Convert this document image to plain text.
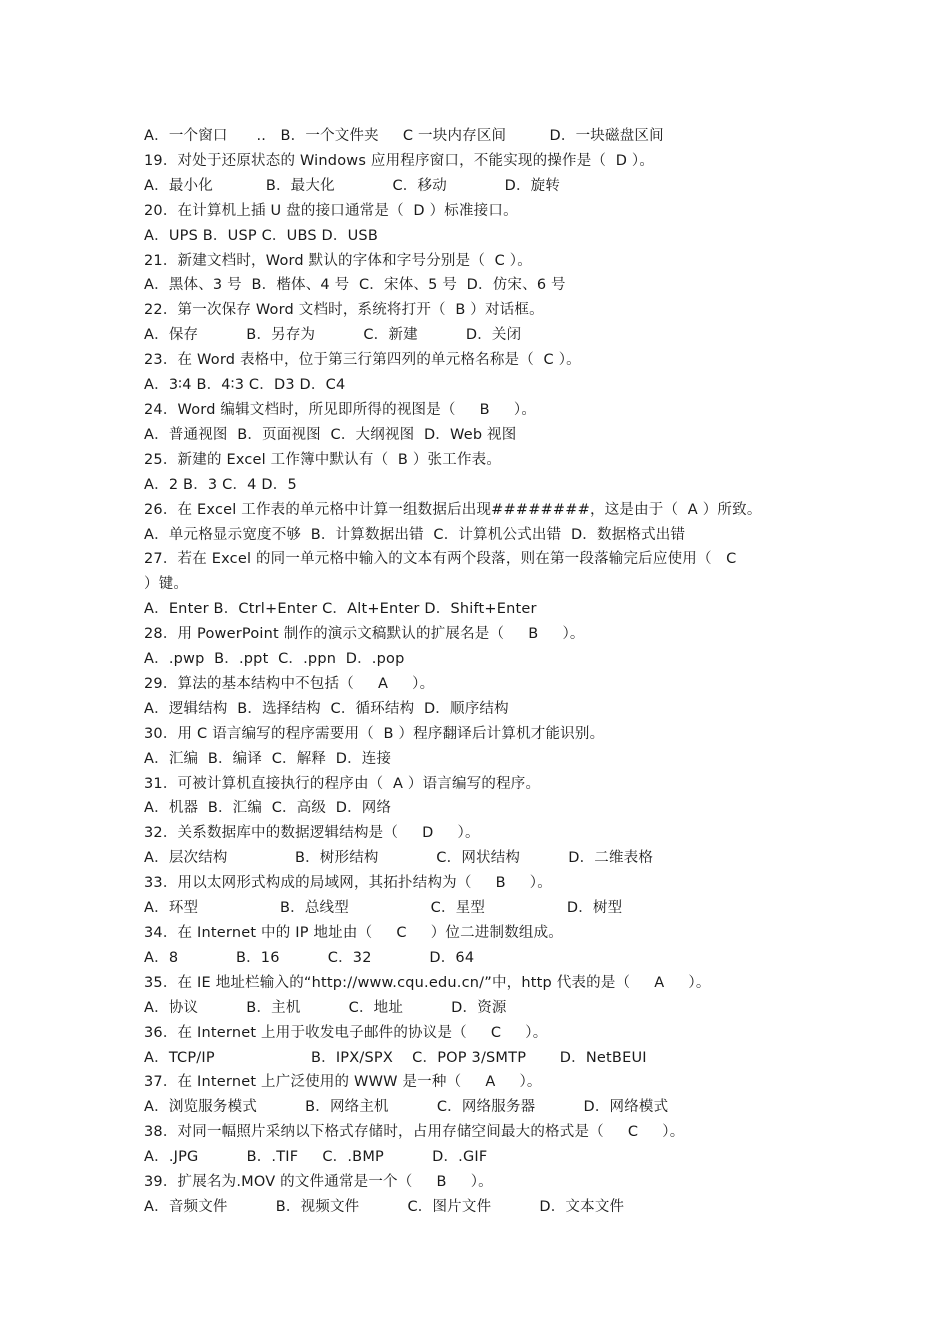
A．一个窗口      ..   B．一个文件夹     C 一块内存区间         D．一块磁盘区间
19．对处于还原状态的 Windows 应用程序窗口，不能实现的操作是（  D ）。
A．最小化           B．最大化            C．移动            D．旋转
20．在计算机上插 U 盘的接口通常是（  D ）标准接口。
A．UPS B．USP C．UBS D．USB
21．新建文档时，Word 默认的字体和字号分别是（  C ）。
A．黑体、3 号  B．楷体、4 号  C．宋体、5 号  D．仿宋、6 号
22．第一次保存 Word 文档时，系统将打开（  B ）对话框。
A．保存          B．另存为          C．新建          D．关闭
23．在 Word 表格中，位于第三行第四列的单元格名称是（  C ）。
A．3∶4 B．4∶3 C．D3 D．C4
24．Word 编辑文档时，所见即所得的视图是（     B     ）。
A．普通视图  B．页面视图  C．大纲视图  D．Web 视图
25．新建的 Excel 工作簿中默认有（  B ）张工作表。
A．2 B．3 C．4 D．5
26．在 Excel 工作表的单元格中计算一组数据后出现########，这是由于（  A ）所致。
A．单元格显示宽度不够  B．计算数据出错  C．计算机公式出错  D．数据格式出错
27．若在 Excel 的同一单元格中输入的文本有两个段落，则在第一段落输完后应使用（   C
）键。
A．Enter B．Ctrl+Enter C．Alt+Enter D．Shift+Enter
28．用 PowerPoint 制作的演示文稿默认的扩展名是（     B     ）。
A．.pwp  B．.ppt  C．.ppn  D．.pop
29．算法的基本结构中不包括（     A     ）。
A．逻辑结构  B．选择结构  C．循环结构  D．顺序结构
30．用 C 语言编写的程序需要用（  B ）程序翻译后计算机才能识别。
A．汇编  B．编译  C．解释  D．连接
31．可被计算机直接执行的程序由（  A ）语言编写的程序。
A．机器  B．汇编  C．高级  D．网络
32．关系数据库中的数据逻辑结构是（     D     ）。
A．层次结构              B．树形结构            C．网状结构          D．二维表格
33．用以太网形式构成的局域网，其拓扑结构为（     B     ）。
A．环型                 B．总线型                 C．星型                 D．树型
34．在 Internet 中的 IP 地址由（     C     ）位二进制数组成。
A．8            B．16          C．32            D．64
35．在 IE 地址栏输入的“http://www.cqu.edu.cn/”中，http 代表的是（     A     ）。
A．协议          B．主机          C．地址          D．资源
36．在 Internet 上用于收发电子邮件的协议是（     C     ）。
A．TCP/IP                    B．IPX/SPX    C．POP 3/SMTP       D．NetBEUI
37．在 Internet 上广泛使用的 WWW 是一种（     A     ）。
A．浏览服务模式          B．网络主机          C．网络服务器          D．网络模式
38．对同一幅照片采纳以下格式存储时，占用存储空间最大的格式是（     C     ）。
A．.JPG          B．.TIF     C．.BMP          D．.GIF
39．扩展名为.MOV 的文件通常是一个（     B     ）。
A．音频文件          B．视频文件          C．图片文件          D．文本文件
